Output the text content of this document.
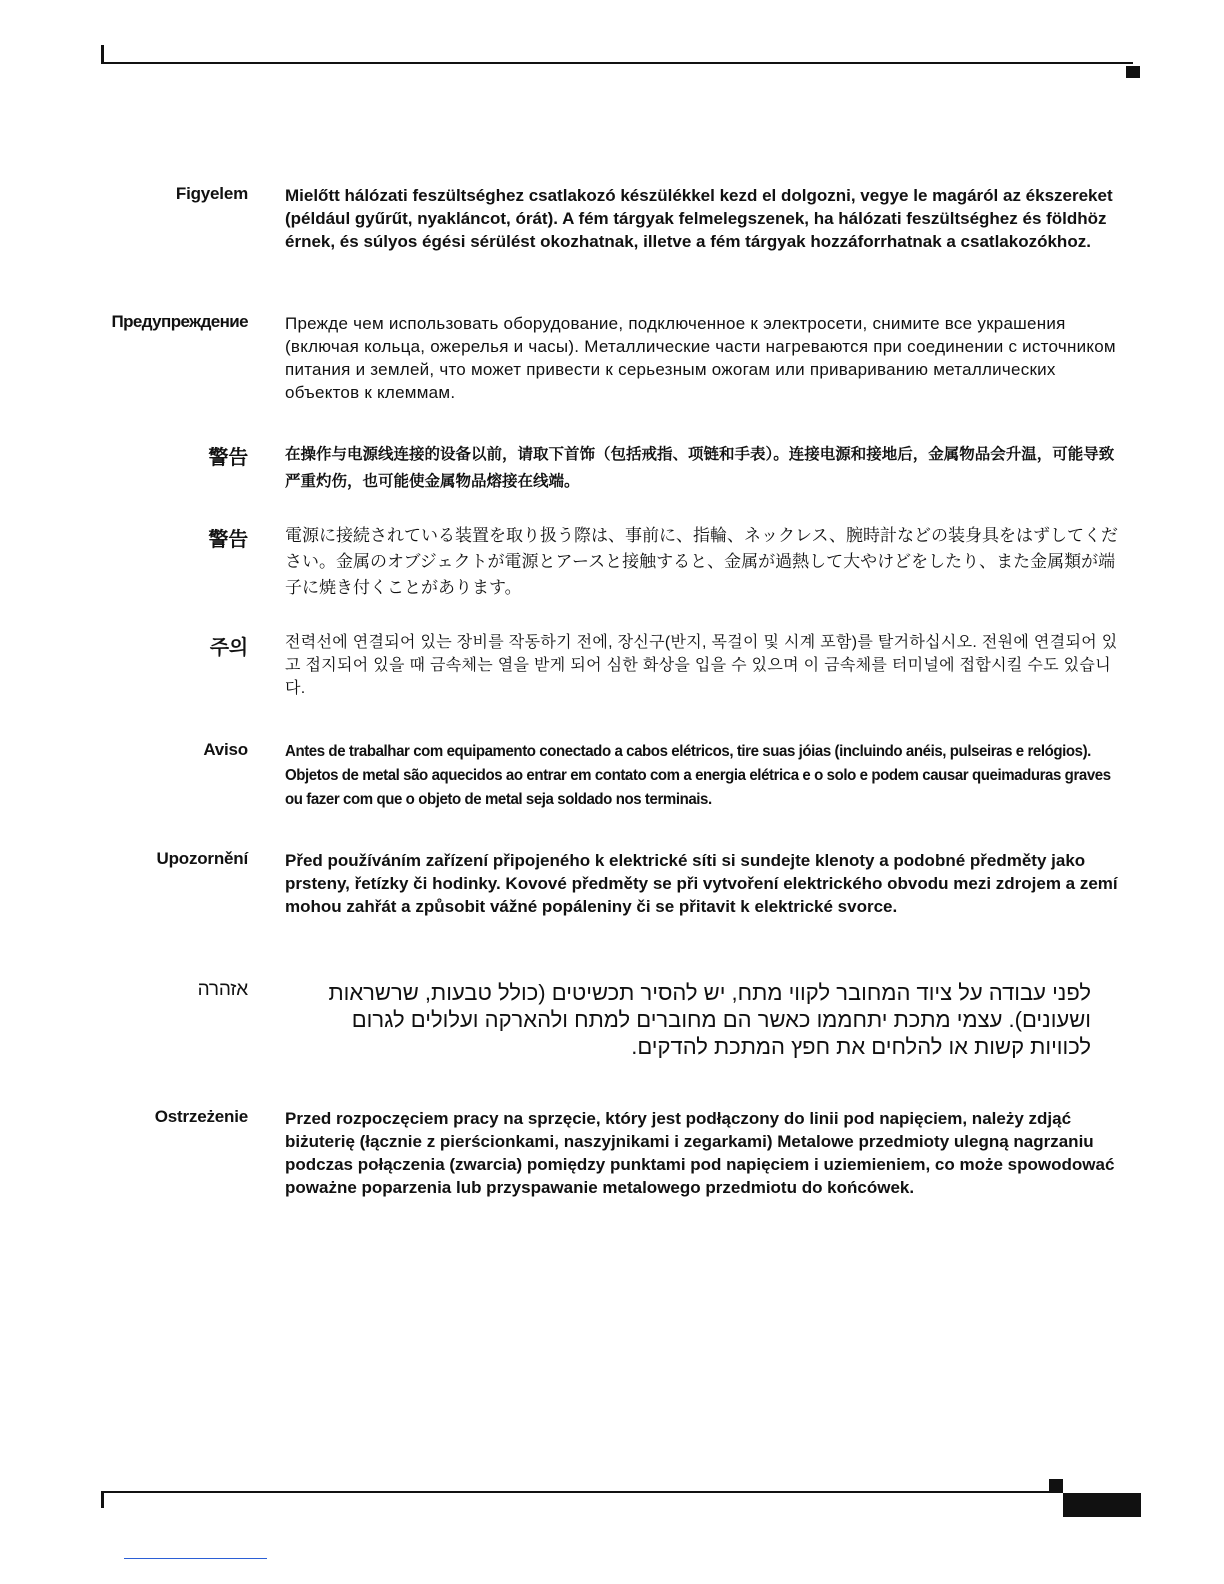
Figyelem Mielőtt hálózati feszültséghez csatlakozó készülékkel kezd el dolgozni, vegye le magáról az ékszereket (például gyűrűt, nyakláncot, órát). A fém tárgyak felmelegszenek, ha hálózati feszültséghez és földhöz érnek, és súlyos égési sérülést okozhatnak, illetve a fém tárgyak hozzáforrhatnak a csatlakozókhoz.

Предупреждение Прежде чем использовать оборудование, подключенное к электросети, снимите все украшения (включая кольца, ожерелья и часы). Металлические части нагреваются при соединении с источником питания и землей, что может привести к серьезным ожогам или привариванию металлических объектов к клеммам.

警告 在操作与电源线连接的设备以前，请取下首饰（包括戒指、项链和手表）。连接电源和接地后，金属物品会升温，可能导致严重灼伤，也可能使金属物品熔接在线端。

警告 電源に接続されている装置を取り扱う際は、事前に、指輪、ネックレス、腕時計などの装身具をはずしてください。金属のオブジェクトが電源とアースと接触すると、金属が過熱して大やけどをしたり、また金属類が端子に焼き付くことがあります。

주의 전력선에 연결되어 있는 장비를 작동하기 전에, 장신구(반지, 목걸이 및 시계 포함)를 탈거하십시오. 전원에 연결되어 있고 접지되어 있을 때 금속체는 열을 받게 되어 심한 화상을 입을 수 있으며 이 금속체를 터미널에 접합시킬 수도 있습니다.

Aviso Antes de trabalhar com equipamento conectado a cabos elétricos, tire suas jóias (incluindo anéis, pulseiras e relógios). Objetos de metal são aquecidos ao entrar em contato com a energia elétrica e o solo e podem causar queimaduras graves ou fazer com que o objeto de metal seja soldado nos terminais.

Upozornění Před používáním zařízení připojeného k elektrické síti si sundejte klenoty a podobné předměty jako prsteny, řetízky či hodinky. Kovové předměty se při vytvoření elektrického obvodu mezi zdrojem a zemí mohou zahřát a způsobit vážné popáleniny či se přitavit k elektrické svorce.

אזהרה	לפני עבודה על ציוד המחובר לקווי מתח, יש להסיר תכשיטים (כולל טבעות, שרשראות ושעונים). עצמי מתכת יתחממו כאשר הם מחוברים למתח ולהארקה ועלולים לגרום לכוויות קשות או להלחים את חפץ המתכת להדקים.

Ostrzeżenie Przed rozpoczęciem pracy na sprzęcie, który jest podłączony do linii pod napięciem, należy zdjąć biżuterię (łącznie z pierścionkami, naszyjnikami i zegarkami) Metalowe przedmioty ulegną nagrzaniu podczas połączenia (zwarcia) pomiędzy punktami pod napięciem i uziemieniem, co może spowodować poważne poparzenia lub przyspawanie metalowego przedmiotu do końcówek.
